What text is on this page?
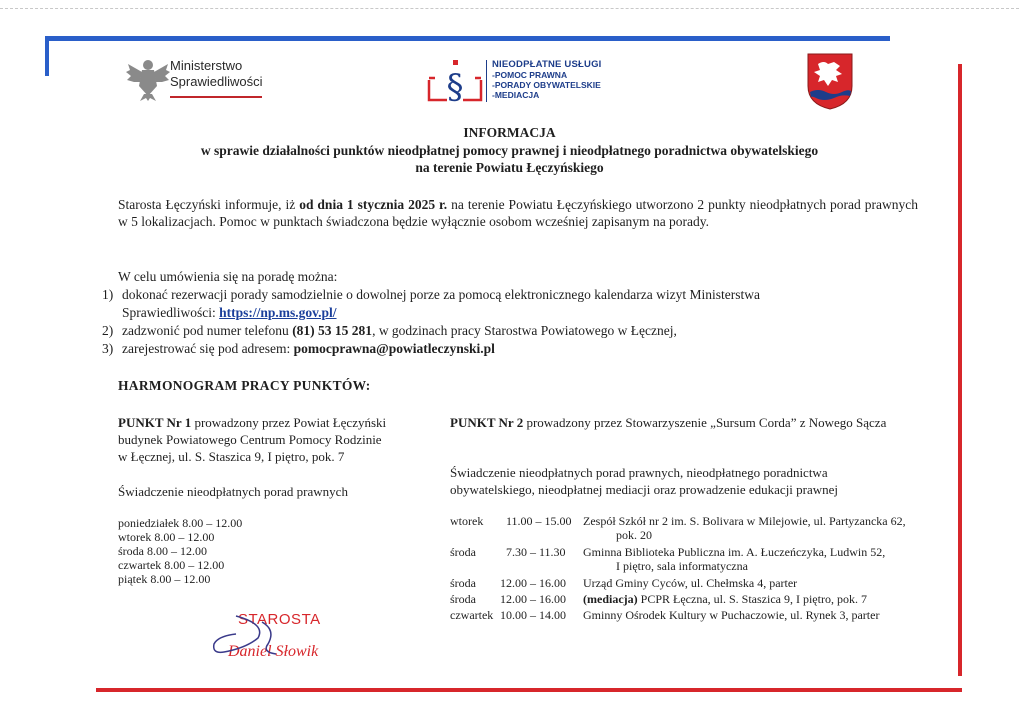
Ministerstwo
Sprawiedliwości	§
NIEODPŁATNE USŁUGI
-POMOC PRAWNA
-PORADY OBYWATELSKIE
-MEDIACJA
INFORMACJA
w sprawie działalności punktów nieodpłatnej pomocy prawnej i nieodpłatnego poradnictwa obywatelskiego
na terenie Powiatu Łęczyńskiego
Starosta Łęczyński informuje, iż od dnia 1 stycznia 2025 r. na terenie Powiatu Łęczyńskiego utworzono 2 punkty nieodpłatnych porad prawnych w 5 lokalizacjach. Pomoc w punktach świadczona będzie wyłącznie osobom wcześniej zapisanym na porady.
W celu umówienia się na poradę można:
1) dokonać rezerwacji porady samodzielnie o dowolnej porze za pomocą elektronicznego kalendarza wizyt Ministerstwa
Sprawiedliwości: https://np.ms.gov.pl/
2) zadzwonić pod numer telefonu (81) 53 15 281, w godzinach pracy Starostwa Powiatowego w Łęcznej,
3) zarejestrować się pod adresem: pomocprawna@powiatleczynski.pl
HARMONOGRAM PRACY PUNKTÓW:
PUNKT Nr 1 prowadzony przez Powiat Łęczyński
budynek Powiatowego Centrum Pomocy Rodzinie
w Łęcznej, ul. S. Staszica 9, I piętro, pok. 7
Świadczenie nieodpłatnych porad prawnych
poniedziałek 8.00 – 12.00
wtorek 8.00 – 12.00
środa 8.00 – 12.00
czwartek 8.00 – 12.00
piątek 8.00 – 12.00
PUNKT Nr 2 prowadzony przez Stowarzyszenie „Sursum Corda” z Nowego Sącza
Świadczenie nieodpłatnych porad prawnych, nieodpłatnego poradnictwa
obywatelskiego, nieodpłatnej mediacji oraz prowadzenie edukacji prawnej
wtorek 11.00 – 15.00 Zespół Szkół nr 2 im. S. Bolivara w Milejowie, ul. Partyzancka 62,
pok. 20
środa	7.30 – 11.30 Gminna Biblioteka Publiczna im. A. Łuczeńczyka, Ludwin 52,
I piętro, sala informatyczna
środa 12.00 – 16.00 Urząd Gminy Cyców, ul. Chełmska 4, parter
środa 12.00 – 16.00 (mediacja) PCPR Łęczna, ul. S. Staszica 9, I piętro, pok. 7
czwartek 10.00 – 14.00 Gminny Ośrodek Kultury w Puchaczowie, ul. Rynek 3, parter
STAROSTA
Daniel Słowik
